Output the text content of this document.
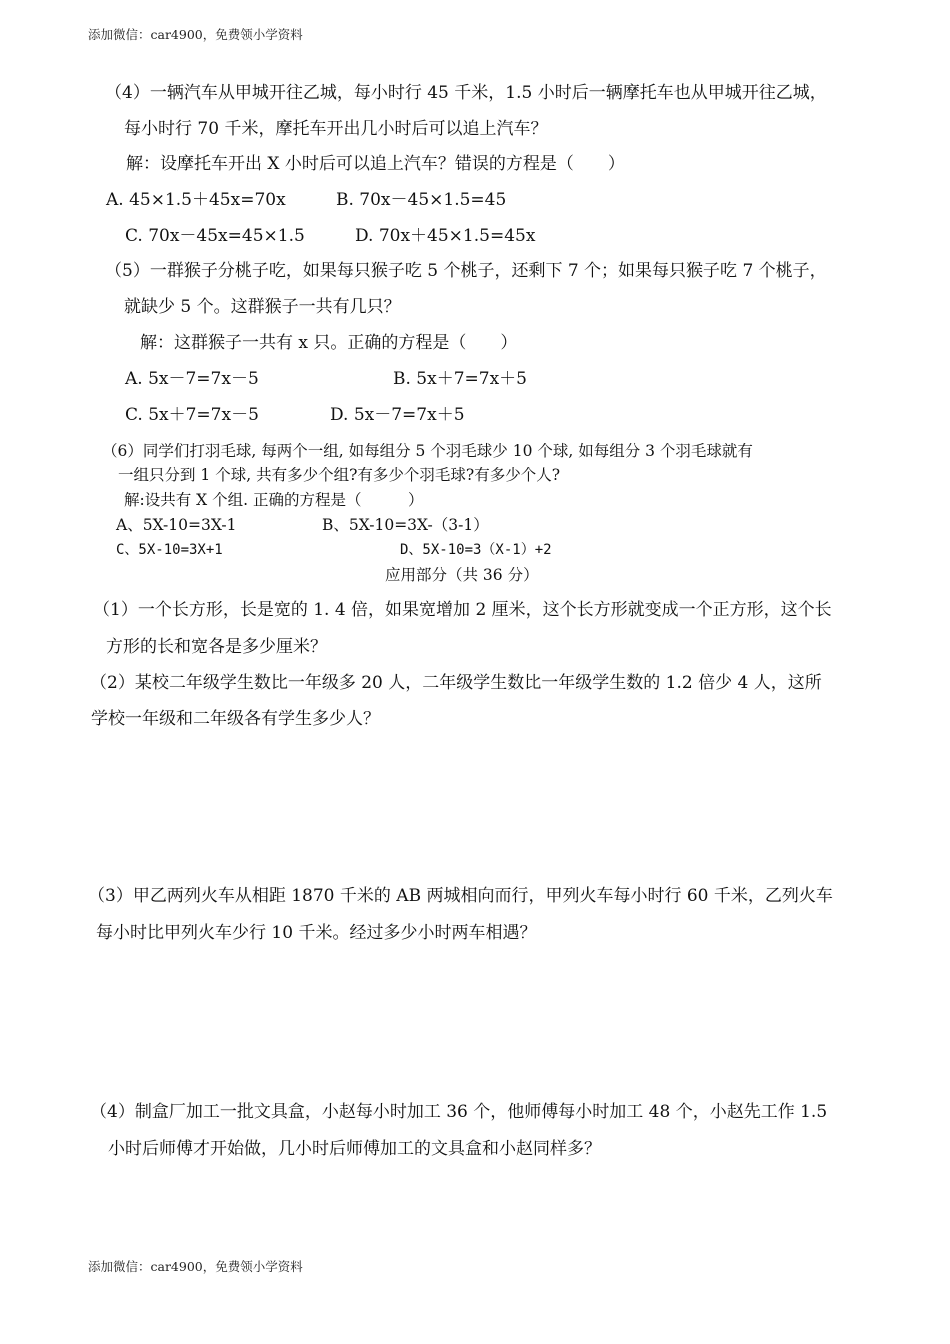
添加微信：car4900，免费领小学资料
（4）一辆汽车从甲城开往乙城，每小时行 45 千米，1.5 小时后一辆摩托车也从甲城开往乙城，
每小时行 70 千米，摩托车开出几小时后可以追上汽车？
解：设摩托车开出 X 小时后可以追上汽车？错误的方程是（　　）
A. 45×1.5＋45x=70x	B. 70x－45×1.5=45
C. 70x－45x=45×1.5	D. 70x＋45×1.5=45x
（5）一群猴子分桃子吃，如果每只猴子吃 5 个桃子，还剩下 7 个；如果每只猴子吃 7 个桃子，
就缺少 5 个。这群猴子一共有几只？
解：这群猴子一共有 x 只。正确的方程是（　　）
A. 5x－7=7x－5	B. 5x＋7=7x＋5
C. 5x＋7=7x－5	D. 5x－7=7x＋5
（6）同学们打羽毛球, 每两个一组, 如每组分 5 个羽毛球少 10 个球, 如每组分 3 个羽毛球就有
一组只分到 1 个球, 共有多少个组?有多少个羽毛球?有多少个人?
解:设共有 X 个组. 正确的方程是（　　　）
A、5X-10=3X-1	B、5X-10=3X-（3-1）
C、5X-10=3X+1	D、5X-10=3（X-1）+2
应用部分（共 36 分）
（1）一个长方形，长是宽的 1. 4 倍，如果宽增加 2 厘米，这个长方形就变成一个正方形，这个长
方形的长和宽各是多少厘米？
（2）某校二年级学生数比一年级多 20 人，二年级学生数比一年级学生数的 1.2 倍少 4 人，这所
学校一年级和二年级各有学生多少人？
（3）甲乙两列火车从相距 1870 千米的 AB 两城相向而行，甲列火车每小时行 60 千米，乙列火车
每小时比甲列火车少行 10 千米。经过多少小时两车相遇？
（4）制盒厂加工一批文具盒，小赵每小时加工 36 个，他师傅每小时加工 48 个，小赵先工作 1.5
小时后师傅才开始做，几小时后师傅加工的文具盒和小赵同样多？
添加微信：car4900，免费领小学资料
